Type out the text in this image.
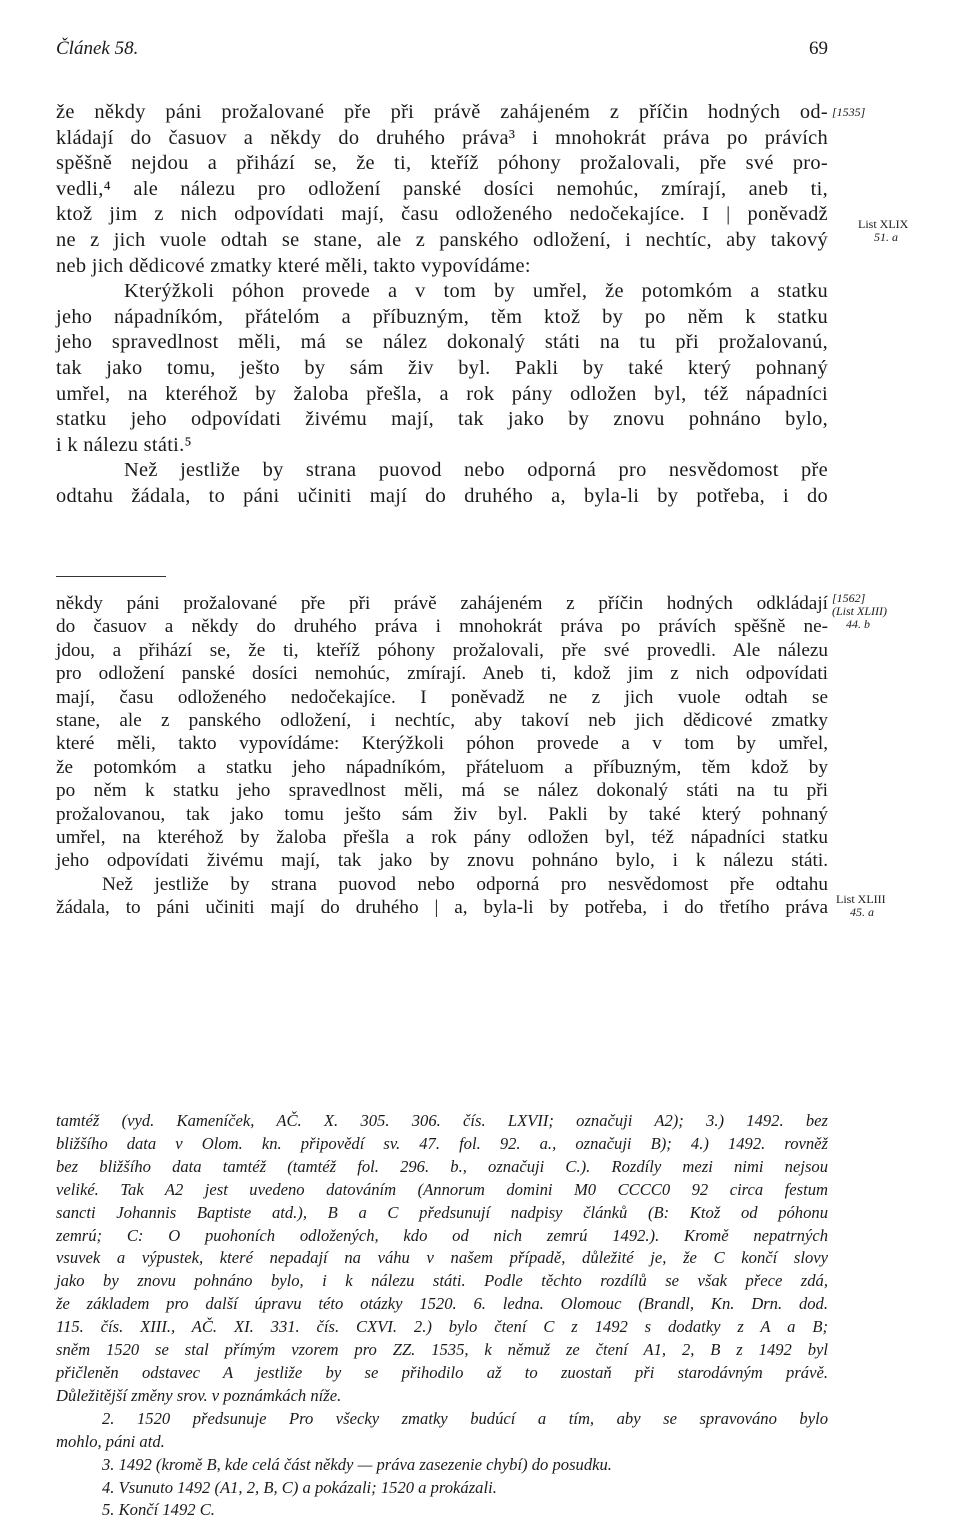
Článek 58.	69
že někdy páni prožalované pře při právě zahájeném z příčin hodných od-
kládají do časuov a někdy do druhého práva³ i mnohokrát práva po právích
spěšně nejdou a přihází se, že ti, kteříž póhony prožalovali, pře své pro-
vedli,⁴ ale nálezu pro odložení panské dosíci nemohúc, zmírají, aneb ti,
ktož jim z nich odpovídati mají, času odloženého nedočekajíce. I | poněvadž
ne z jich vuole odtah se stane, ale z panského odložení, i nechtíc, aby takový
neb jich dědicové zmatky které měli, takto vypovídáme:
Kterýžkoli póhon provede a v tom by umřel, že potomkóm a statku
jeho nápadníkóm, přátelóm a příbuzným, těm ktož by po něm k statku
jeho spravedlnost měli, má se nález dokonalý státi na tu při prožalovanú,
tak jako tomu, ješto by sám živ byl. Pakli by také který pohnaný
umřel, na kteréhož by žaloba přešla, a rok pány odložen byl, též nápadníci
statku jeho odpovídati živému mají, tak jako by znovu pohnáno bylo,
i k nálezu státi.⁵
Než jestliže by strana puovod nebo odporná pro nesvědomost pře
odtahu žádala, to páni učiniti mají do druhého a, byla-li by potřeba, i do
někdy páni prožalované pře při právě zahájeném z příčin hodných odkládají
do časuov a někdy do druhého práva i mnohokrát práva po právích spěšně ne-
jdou, a přihází se, že ti, kteříž póhony prožalovali, pře své provedli. Ale nálezu
pro odložení panské dosíci nemohúc, zmírají. Aneb ti, kdož jim z nich odpovídati
mají, času odloženého nedočekajíce. I poněvadž ne z jich vuole odtah se
stane, ale z panského odložení, i nechtíc, aby takoví neb jich dědicové zmatky
které měli, takto vypovídáme: Kterýžkoli póhon provede a v tom by umřel,
že potomkóm a statku jeho nápadníkóm, přáteluom a příbuzným, těm kdož by
po něm k statku jeho spravedlnost měli, má se nález dokonalý státi na tu při
prožalovanou, tak jako tomu ješto sám živ byl. Pakli by také který pohnaný
umřel, na kteréhož by žaloba přešla a rok pány odložen byl, též nápadníci statku
jeho odpovídati živému mají, tak jako by znovu pohnáno bylo, i k nálezu státi.
Než jestliže by strana puovod nebo odporná pro nesvědomost pře odtahu
žádala, to páni učiniti mají do druhého | a, byla-li by potřeba, i do třetího práva
tamtéž (vyd. Kameníček, AČ. X. 305. 306. čís. LXVII; označuji A2); 3.) 1492. bez
bližšího data v Olom. kn. připovědí sv. 47. fol. 92. a., označuji B); 4.) 1492. rovněž
bez bližšího data tamtéž (tamtéž fol. 296. b., označuji C.). Rozdíly mezi nimi nejsou
veliké. Tak A2 jest uvedeno datováním (Annorum domini M0 CCCC0 92 circa festum
sancti Johannis Baptiste atd.), B a C předsunují nadpisy článků (B: Ktož od póhonu
zemrú; C: O puohoních odložených, kdo od nich zemrú 1492.). Kromě nepatrných
vsuvek a výpustek, které nepadají na váhu v našem případě, důležité je, že C končí slovy
jako by znovu pohnáno bylo, i k nálezu státi. Podle těchto rozdílů se však přece zdá,
že základem pro další úpravu této otázky 1520. 6. ledna. Olomouc (Brandl, Kn. Drn. dod.
115. čís. XIII., AČ. XI. 331. čís. CXVI. 2.) bylo čtení C z 1492 s dodatky z A a B;
sněm 1520 se stal přímým vzorem pro ZZ. 1535, k němuž ze čtení A1, 2, B z 1492 byl
přičleněn odstavec A jestliže by se přihodilo až to zuostaň při starodávným právě.
Důležitější změny srov. v poznámkách níže.
2. 1520 předsunuje Pro všecky zmatky budúcí a tím, aby se spravováno bylo
mohlo, páni atd.
3. 1492 (kromě B, kde celá část někdy — práva zasezenie chybí) do posudku.
4. Vsunuto 1492 (A1, 2, B, C) a pokázali; 1520 a prokázali.
5. Končí 1492 C.
[1535]
List XLIX
51. a
[1562]
(List XLIII)
44. b
List XLIII
45. a
